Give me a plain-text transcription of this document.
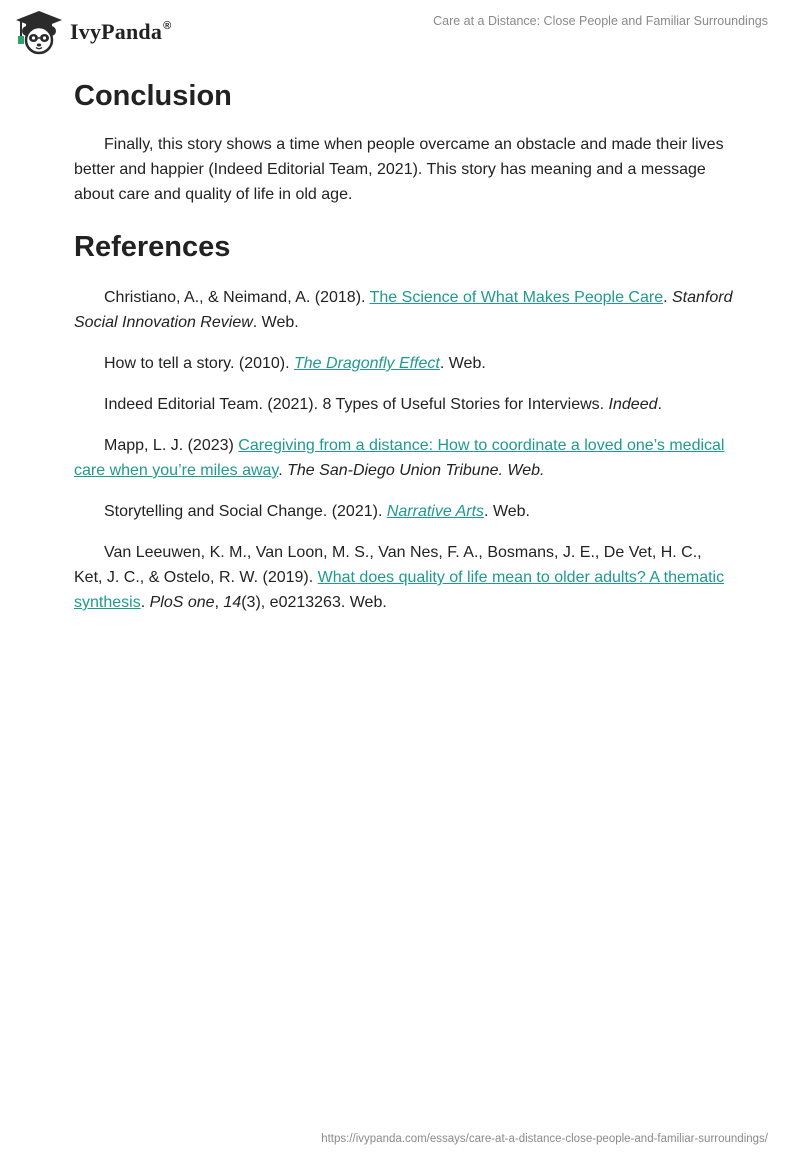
IvyPanda®	Care at a Distance: Close People and Familiar Surroundings
Conclusion

Finally, this story shows a time when people overcame an obstacle and made their lives better and happier (Indeed Editorial Team, 2021). This story has meaning and a message about care and quality of life in old age.

References

Christiano, A., & Neimand, A. (2018). The Science of What Makes People Care. Stanford Social Innovation Review. Web.

How to tell a story. (2010). The Dragonfly Effect. Web.

Indeed Editorial Team. (2021). 8 Types of Useful Stories for Interviews. Indeed.

Mapp, L. J. (2023) Caregiving from a distance: How to coordinate a loved one’s medical care when you’re miles away. The San-Diego Union Tribune. Web.

Storytelling and Social Change. (2021). Narrative Arts. Web.

Van Leeuwen, K. M., Van Loon, M. S., Van Nes, F. A., Bosmans, J. E., De Vet, H. C., Ket, J. C., & Ostelo, R. W. (2019). What does quality of life mean to older adults? A thematic synthesis. PloS one, 14(3), e0213263. Web.

https://ivypanda.com/essays/care-at-a-distance-close-people-and-familiar-surroundings/
